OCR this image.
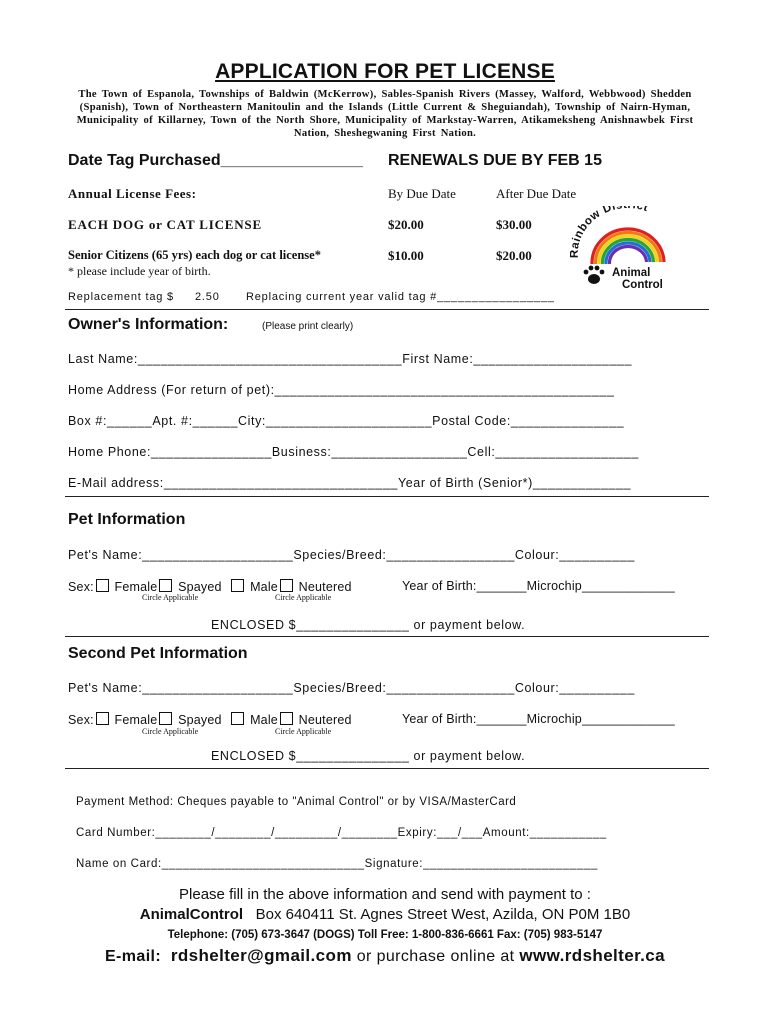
APPLICATION FOR PET LICENSE
The Town of Espanola, Townships of Baldwin (McKerrow), Sables-Spanish Rivers (Massey, Walford, Webbwood) Shedden (Spanish), Town of Northeastern Manitoulin and the Islands (Little Current & Sheguiandah), Township of Nairn-Hyman, Municipality of Killarney, Town of the North Shore, Municipality of Markstay-Warren, Atikameksheng Anishnawbek First Nation, Sheshegwaning First Nation.
Date Tag Purchased________________ RENEWALS DUE BY FEB 15
Annual License Fees:	By Due Date	After Due Date
EACH DOG or CAT LICENSE	$20.00	$30.00
Senior Citizens (65 yrs) each dog or cat license*	$10.00	$20.00
* please include year of birth.
Replacement tag $ 2.50 Replacing current year valid tag #_________________
ainbow Di ct
Animal
Control
Owner's Information:	(Please print clearly)
Last Name:___________________________________First Name:_____________________
Home Address (For return of pet):_____________________________________________
Box #:______Apt. #:______City:______________________Postal Code:_______________
Home Phone:________________Business:__________________Cell:___________________
E-Mail address:_______________________________Year of Birth (Senior*)_____________
Pet Information
Pet's Name:____________________Species/Breed:_________________Colour:__________
Sex: Female Spayed Male Neutered	Year of Birth:_______Microchip_____________
Circle Applicable	Circle Applicable
ENCLOSED $_______________ or payment below.
Second Pet Information
Pet's Name:____________________Species/Breed:_________________Colour:__________
Sex: Female Spayed Male Neutered	Year of Birth:_______Microchip_____________
Circle Applicable	Circle Applicable
ENCLOSED $_______________ or payment below.
Payment Method: Cheques payable to "Animal Control" or by VISA/MasterCard
Card Number:________/________/_________/________Expiry:___/___Amount:___________
Name on Card:_____________________________Signature:_________________________
Please fill in the above information and send with payment to :
AnimalControl Box 640411 St. Agnes Street West, Azilda, ON P0M 1B0
Telephone: (705) 673-3647 (DOGS) Toll Free: 1-800-836-6661 Fax: (705) 983-5147
E-mail: rdshelter@gmail.com or purchase online at www.rdshelter.ca
